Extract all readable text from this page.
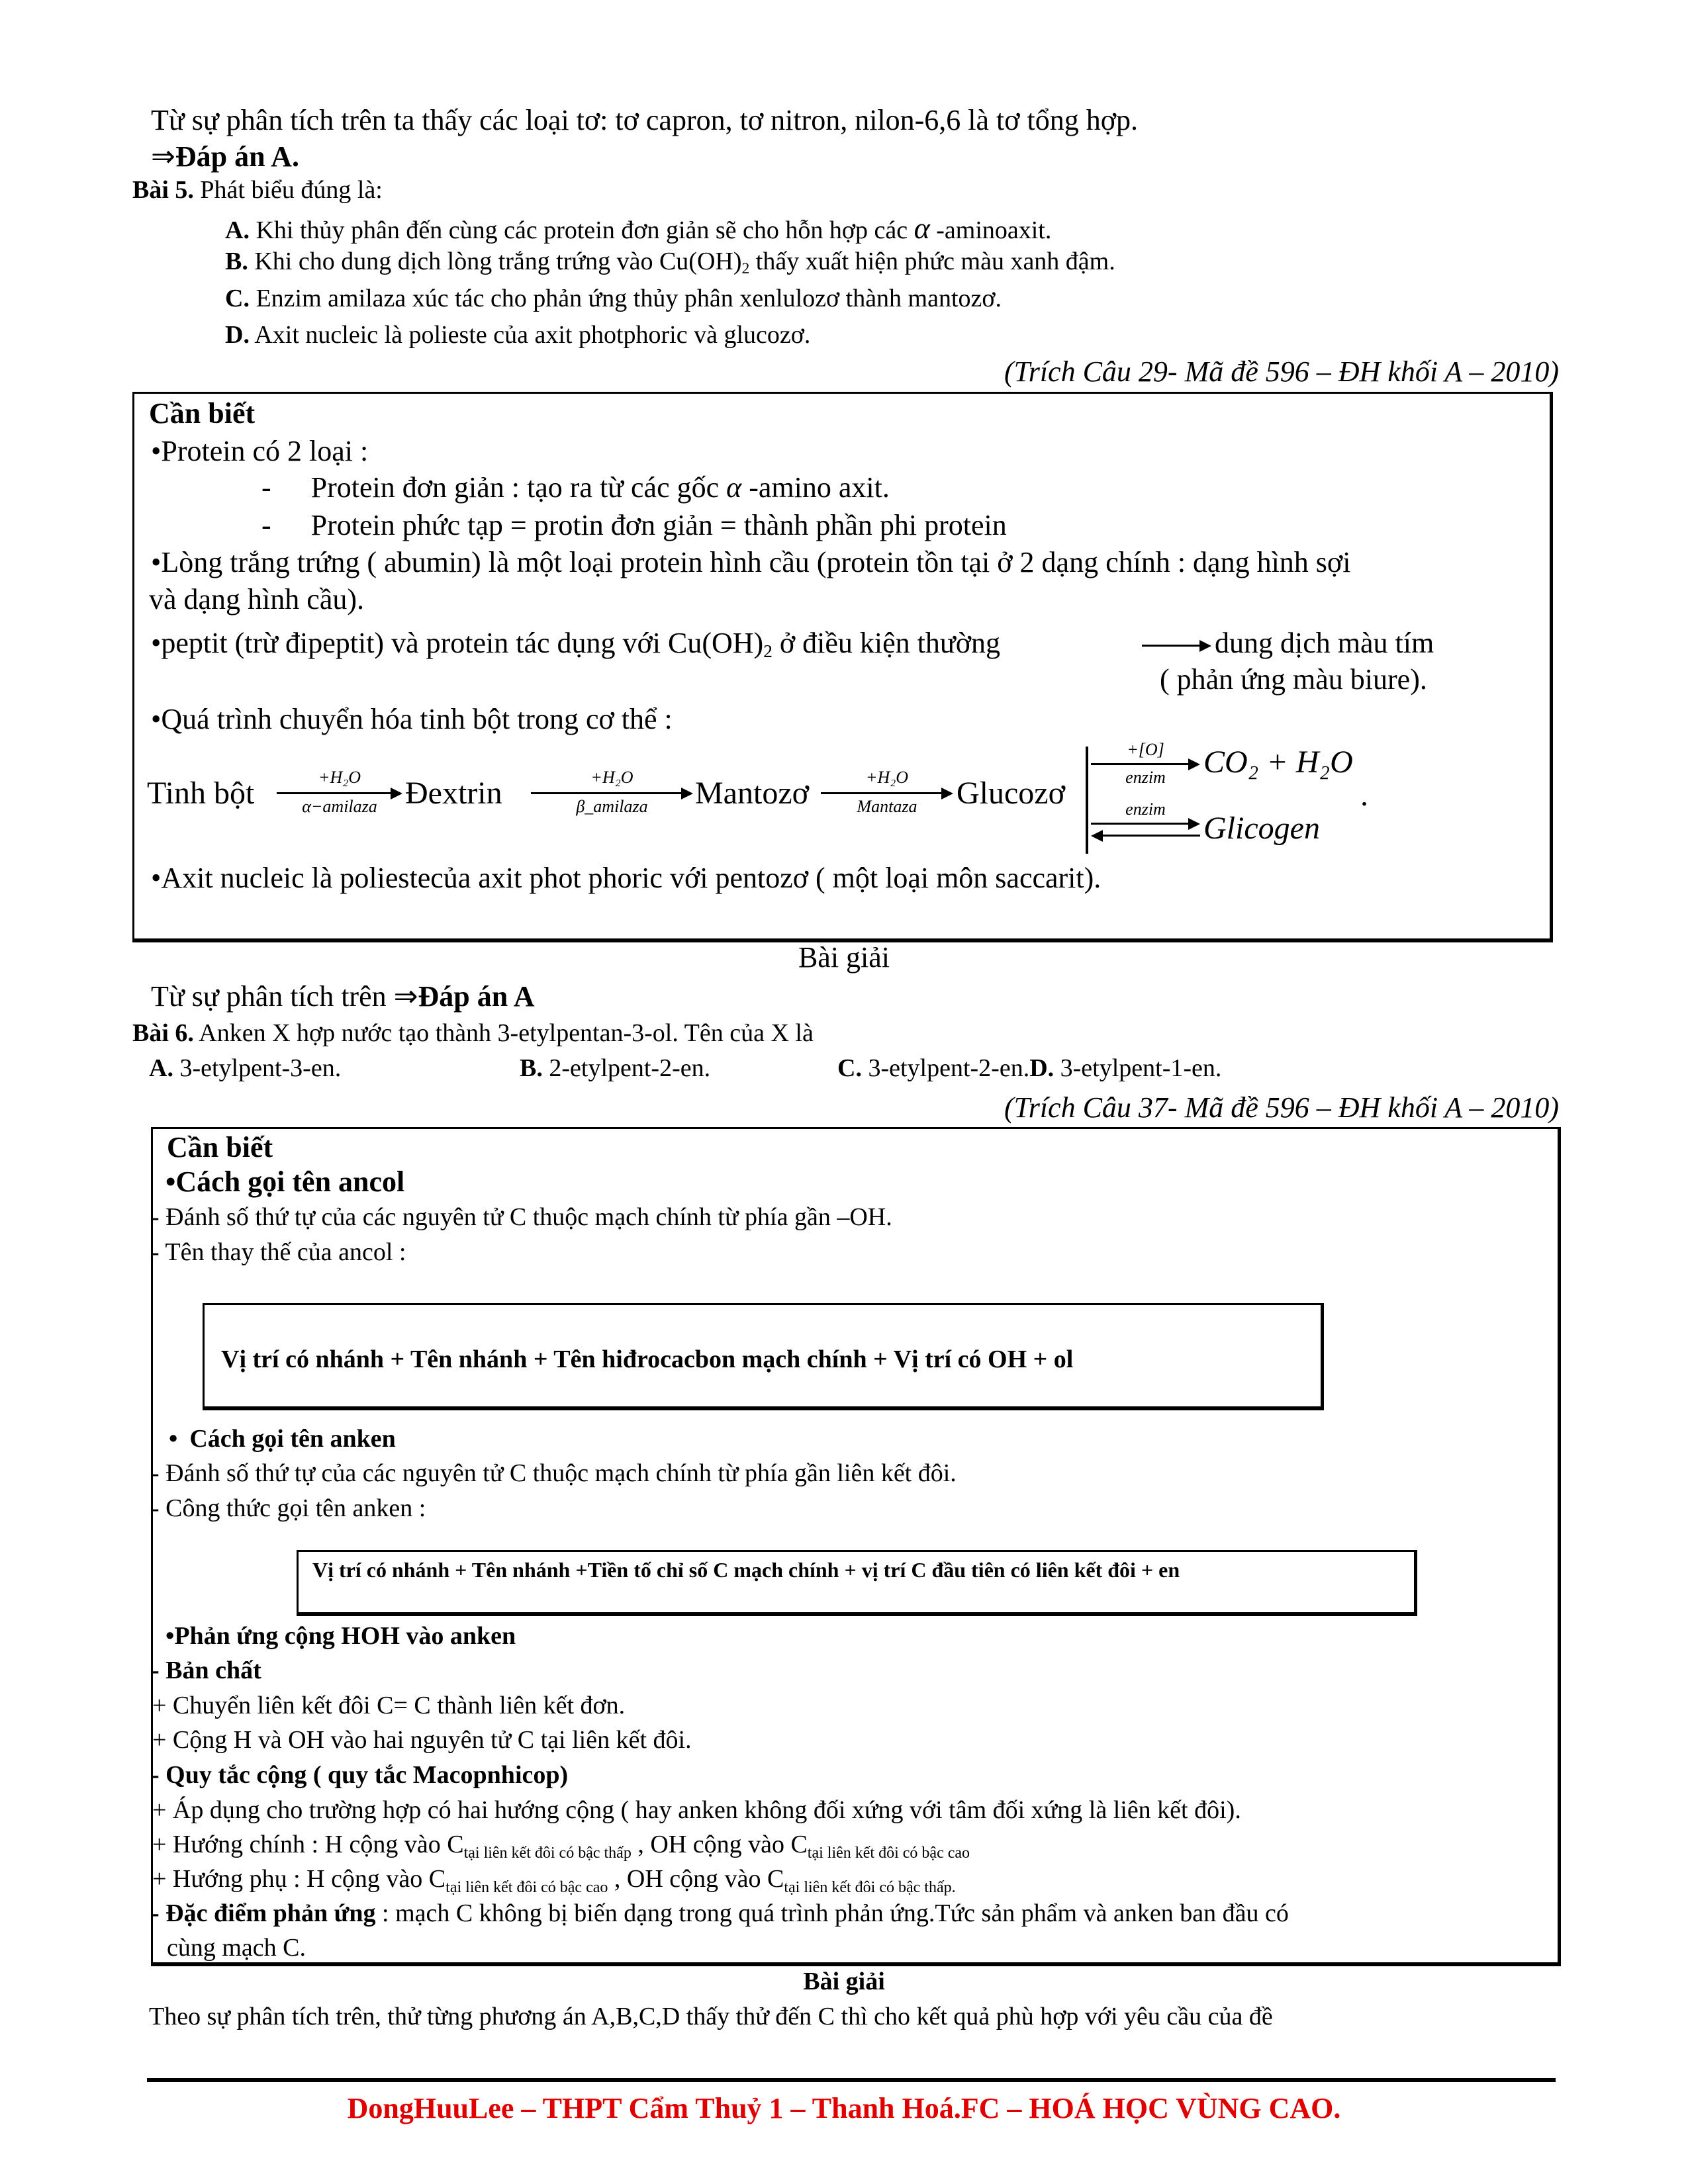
Từ sự phân tích trên ta thấy các loại tơ: tơ capron, tơ nitron, nilon-6,6 là tơ tổng hợp.
⇒Đáp án A.
Bài 5. Phát biểu đúng là:
A. Khi thủy phân đến cùng các protein đơn giản sẽ cho hỗn hợp các α -aminoaxit.
B. Khi cho dung dịch lòng trắng trứng vào $Cu(OH)_2$ thấy xuất hiện phức màu xanh đậm.
C. Enzim amilaza xúc tác cho phản ứng thủy phân xenlulozơ thành mantozơ.
D. Axit nucleic là polieste của axit photphoric và glucozơ.
(Trích Câu 29- Mã đề 596 – ĐH khối A – 2010)
Cần biết
•Protein có 2 loại :
- Protein đơn giản : tạo ra từ các gốc α -amino axit.
- Protein phức tạp = protin đơn giản = thành phần phi protein
•Lòng trắng trứng ( abumin) là một loại protein hình cầu (protein tồn tại ở 2 dạng chính : dạng hình sợi
và dạng hình cầu).
•peptit (trừ đipeptit) và protein tác dụng với $Cu(OH)_2$ ở điều kiện thường	dung dịch màu tím
( phản ứng màu biure).
•Quá trình chuyển hóa tinh bột trong cơ thể :
Tinh bột	+H₂O
α−amilaza Đextrin	+H₂O
β_amilaza	Mantozơ	+H₂O
Mantaza	Glucozơ
+[O]
enzim	CO₂ + H₂O
enzim
Glicogen
.
•Axit nucleic là poliestecủa axit phot phoric với pentozơ ( một loại môn saccarit).
Bài giải
Từ sự phân tích trên ⇒Đáp án A
Bài 6. Anken X hợp nước tạo thành 3-etylpentan-3-ol. Tên của X là
A. 3-etylpent-3-en.	B. 2-etylpent-2-en.	C. 3-etylpent-2-en.D. 3-etylpent-1-en.
(Trích Câu 37- Mã đề 596 – ĐH khối A – 2010)
Cần biết
•Cách gọi tên ancol
- Đánh số thứ tự của các nguyên tử C thuộc mạch chính từ phía gần –OH.
- Tên thay thế của ancol :
Vị trí có nhánh + Tên nhánh + Tên hiđrocacbon mạch chính + Vị trí có OH + ol
• Cách gọi tên anken
- Đánh số thứ tự của các nguyên tử C thuộc mạch chính từ phía gần liên kết đôi.
- Công thức gọi tên anken :
Vị trí có nhánh + Tên nhánh +Tiền tố chỉ số C mạch chính + vị trí C đầu tiên có liên kết đôi + en
•Phản ứng cộng HOH vào anken
- Bản chất
+ Chuyển liên kết đôi C= C thành liên kết đơn.
+ Cộng H và OH vào hai nguyên tử C tại liên kết đôi.
- Quy tắc cộng ( quy tắc Macopnhicop)
+ Áp dụng cho trường hợp có hai hướng cộng ( hay anken không đối xứng với tâm đối xứng là liên kết đôi).
+ Hướng chính : H cộng vào $C_{tại liên kết đôi có bậc thấp}$ , OH cộng vào $C_{tại liên kết đôi có bậc cao}$
+ Hướng phụ : H cộng vào $C_{tại liên kết đôi có bậc cao}$ , OH cộng vào $C_{tại liên kết đôi có bậc thấp.}$
- Đặc điểm phản ứng : mạch C không bị biến dạng trong quá trình phản ứng.Tức sản phẩm và anken ban đầu có
cùng mạch C.
Bài giải
Theo sự phân tích trên, thử từng phương án A,B,C,D thấy thử đến C thì cho kết quả phù hợp với yêu cầu của đề
DongHuuLee – THPT Cẩm Thuỷ 1 – Thanh Hoá.FC – HOÁ HỌC VÙNG CAO.
